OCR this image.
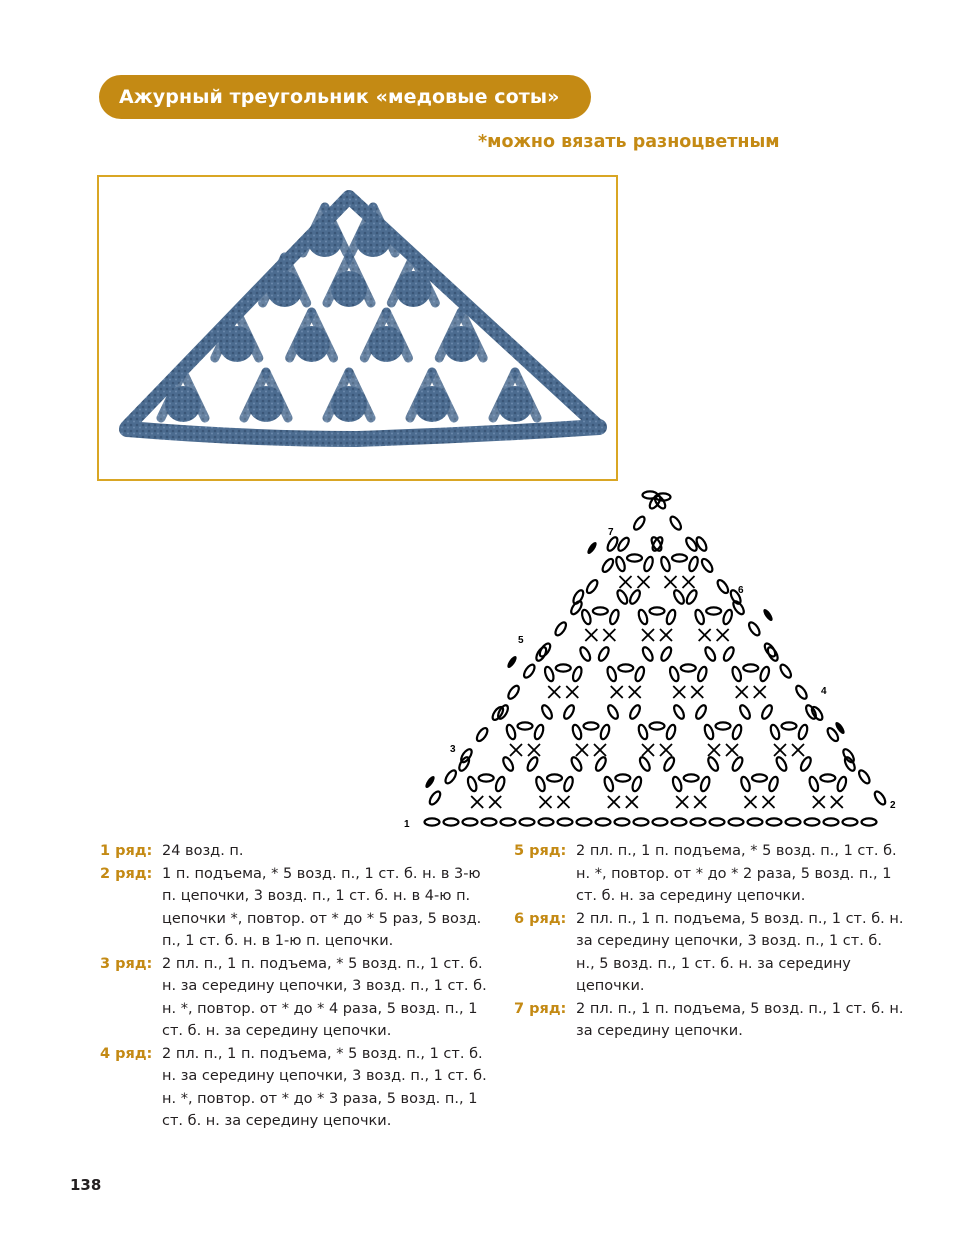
Ажурный треугольник «медовые соты»
*можно вязать разноцветным
1
2
3
4
5
6
7
1 ряд: 24 возд. п.
2 ряд: 1 п. подъема, * 5 возд. п., 1 ст. б. н. в 3-ю п. цепочки, 3 возд. п., 1 ст. б. н. в 4-ю п. цепочки *, повтор. от * до * 5 раз, 5 возд. п., 1 ст. б. н. в 1-ю п. цепочки.
3 ряд: 2 пл. п., 1 п. подъема, * 5 возд. п., 1 ст. б. н. за середину цепочки, 3 возд. п., 1 ст. б. н. *, повтор. от * до * 4 раза, 5 возд. п., 1 ст. б. н. за середину цепочки.
4 ряд: 2 пл. п., 1 п. подъема, * 5 возд. п., 1 ст. б. н. за середину цепочки, 3 возд. п., 1 ст. б. н. *, повтор. от * до * 3 раза, 5 возд. п., 1 ст. б. н. за середину цепочки.
5 ряд: 2 пл. п., 1 п. подъема, * 5 возд. п., 1 ст. б. н. *, повтор. от * до * 2 раза, 5 возд. п., 1 ст. б. н. за середину цепочки.
6 ряд: 2 пл. п., 1 п. подъема, 5 возд. п., 1 ст. б. н. за середину цепочки, 3 возд. п., 1 ст. б. н., 5 возд. п., 1 ст. б. н. за середину цепочки.
7 ряд: 2 пл. п., 1 п. подъема, 5 возд. п., 1 ст. б. н. за середину цепочки.
138
